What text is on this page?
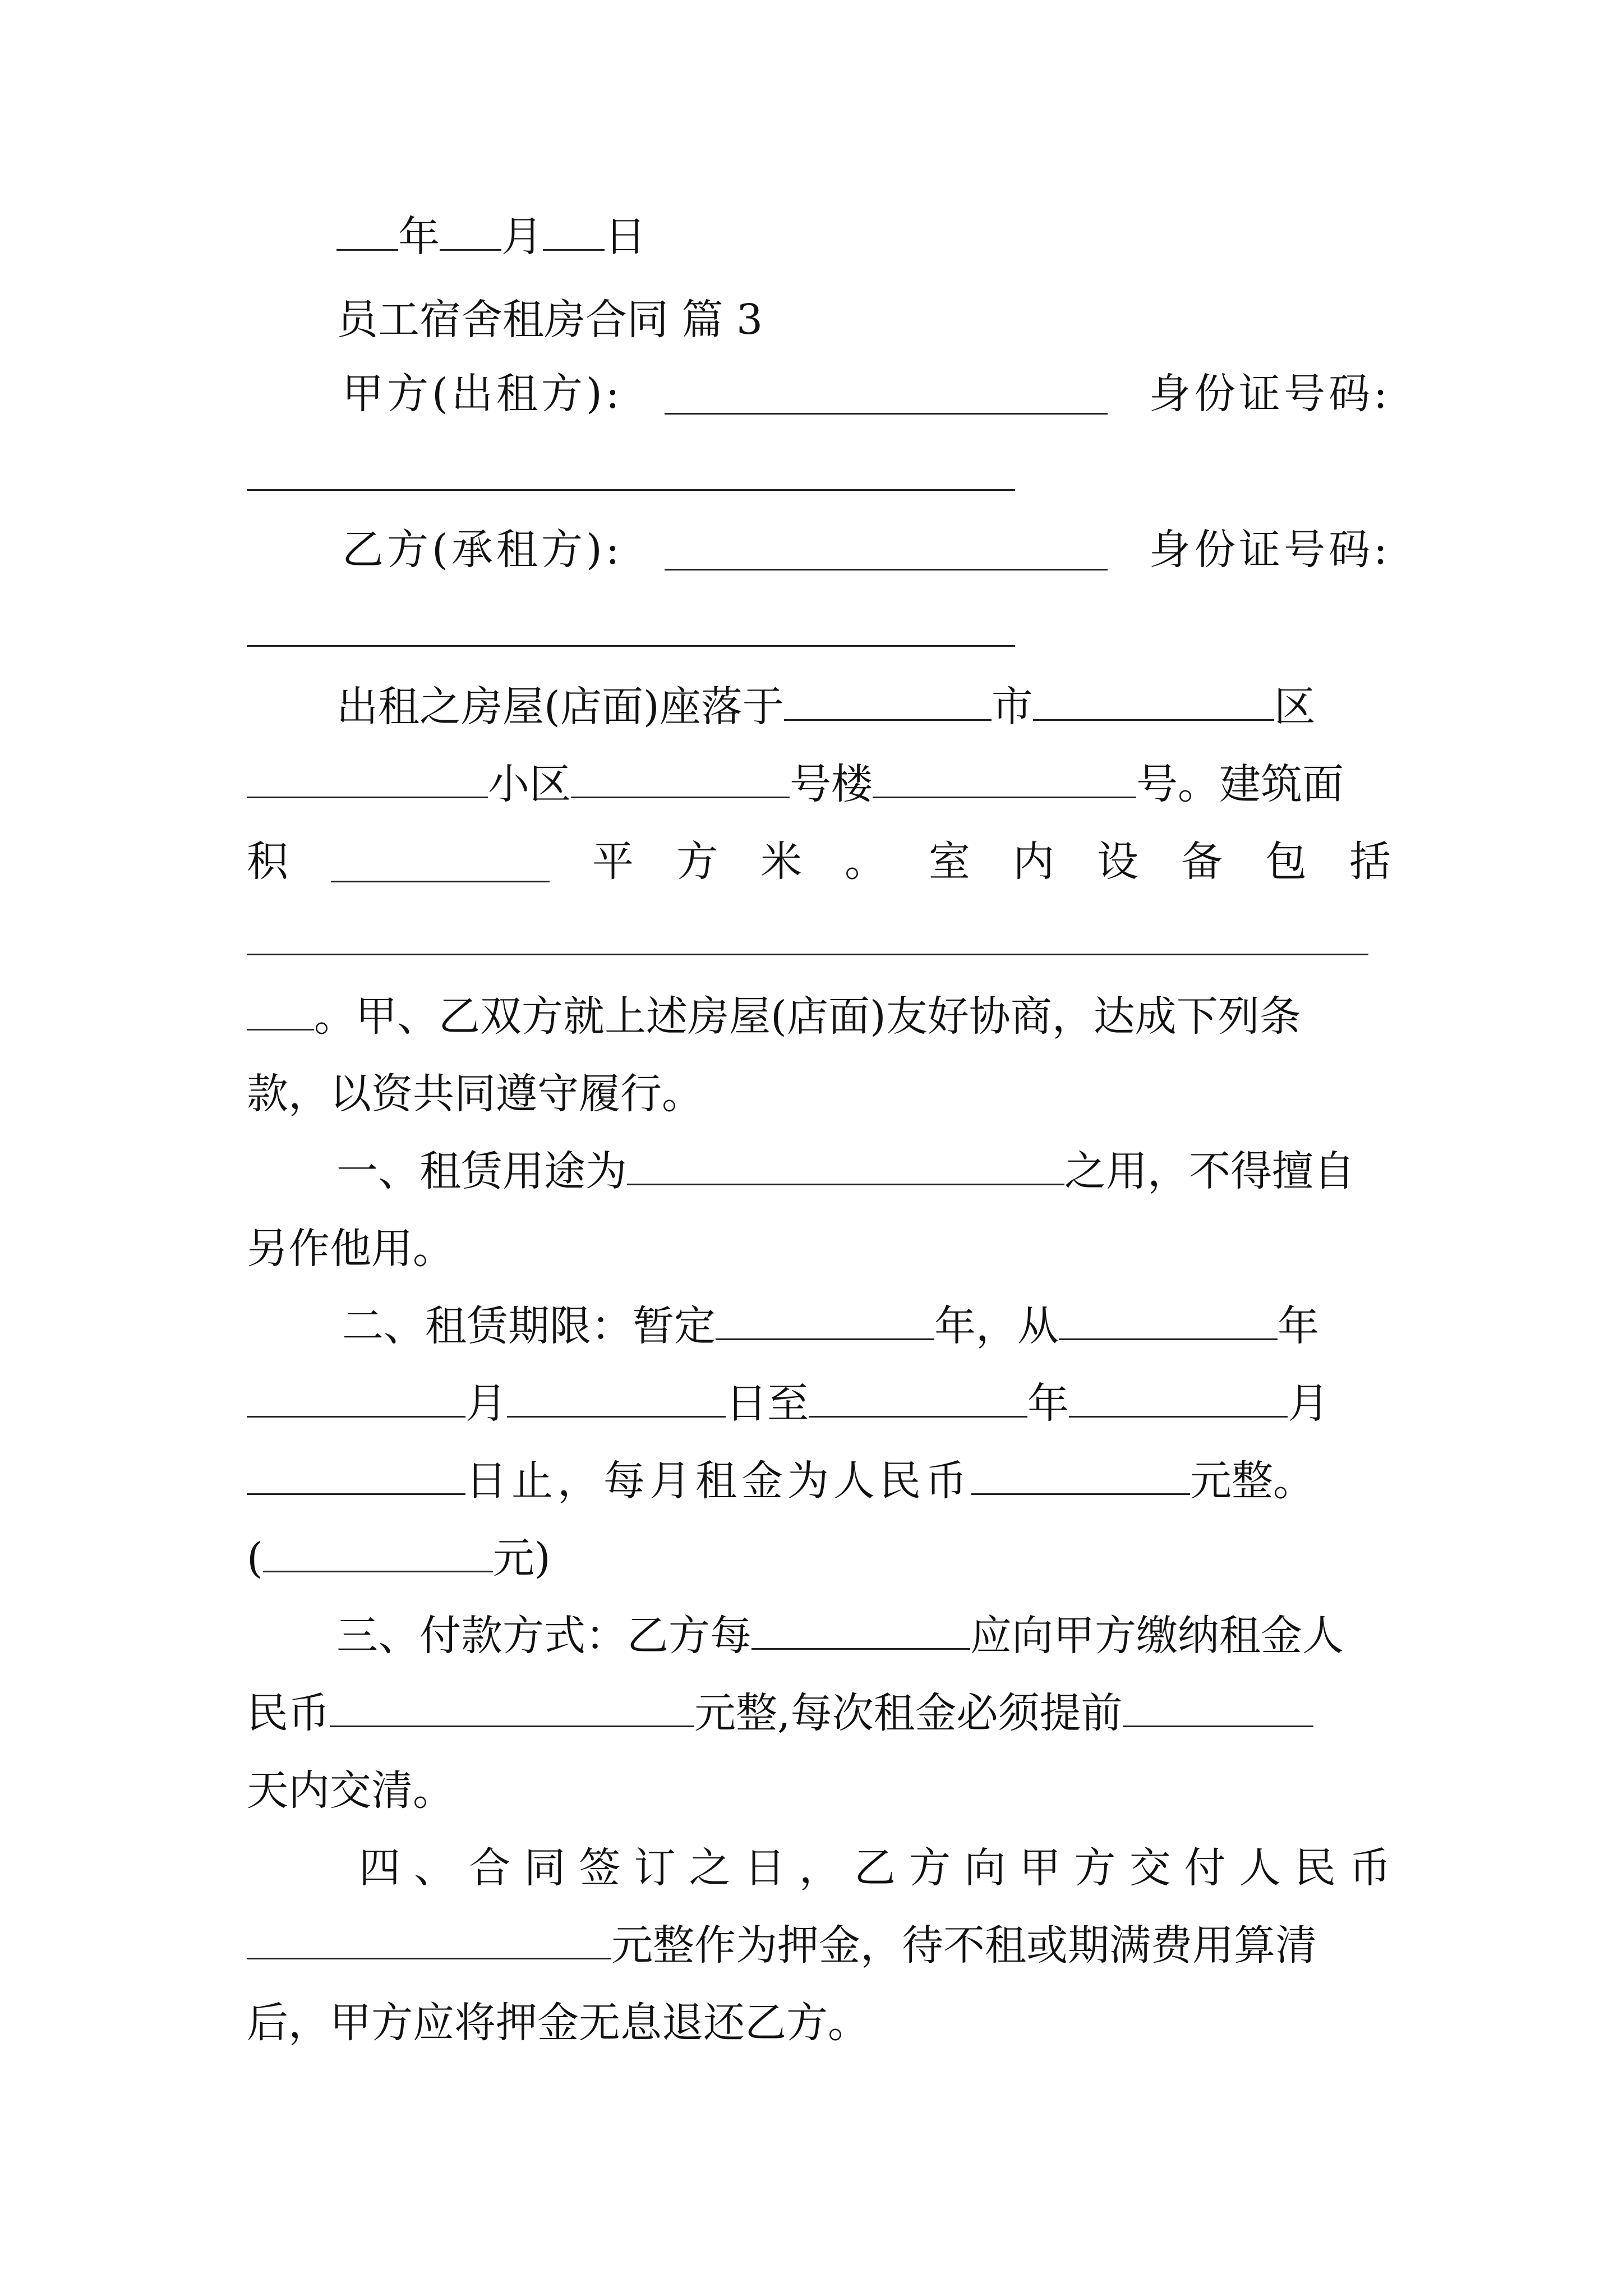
年 月 日
员工宿舍租房合同 篇 3
甲方(出租方):	身份证号码:
乙方(承租方):	身份证号码:
出租之房屋(店面)座落于	市	区
小区	号楼	号。建筑面
积	平 方 米 。 室 内 设 备 包 括
。甲、乙双方就上述房屋(店面)友好协商，达成下列条
款，以资共同遵守履行。
一、租赁用途为	之用，不得擅自
另作他用。
二、租赁期限：暂定	年，从	年
月	日至	年	月
日止，每月租金为人民币	元整。
(	元)
三、付款方式：乙方每	应向甲方缴纳租金人
民币	元整,每次租金必须提前
天内交清。
四 、 合 同 签 订 之 日 ， 乙 方 向 甲 方 交 付 人 民 币
元整作为押金，待不租或期满费用算清
后，甲方应将押金无息退还乙方。
